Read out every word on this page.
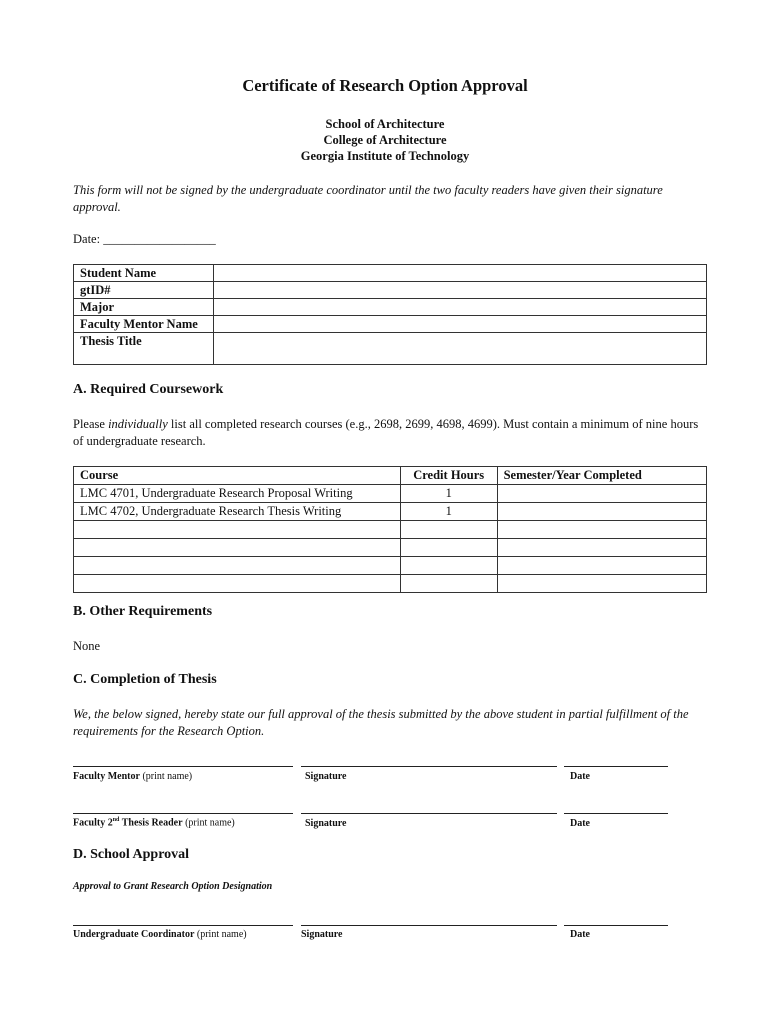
Certificate of Research Option Approval
School of Architecture
College of Architecture
Georgia Institute of Technology
This form will not be signed by the undergraduate coordinator until the two faculty readers have given their signature approval.
Date: __________________
Student Name	
gtID#	
Major	
Faculty Mentor Name	
Thesis Title	
A. Required Coursework
Please individually list all completed research courses (e.g., 2698, 2699, 4698, 4699). Must contain a minimum of nine hours of undergraduate research.
Course	Credit Hours	Semester/Year Completed
LMC 4701, Undergraduate Research Proposal Writing	1	
LMC 4702, Undergraduate Research Thesis Writing	1	

B. Other Requirements
None
C. Completion of Thesis
We, the below signed, hereby state our full approval of the thesis submitted by the above student in partial fulfillment of the requirements for the Research Option.
Faculty Mentor (print name)	Signature	Date
Faculty 2nd Thesis Reader (print name)	Signature	Date
D. School Approval
Approval to Grant Research Option Designation
Undergraduate Coordinator (print name)	Signature	Date
